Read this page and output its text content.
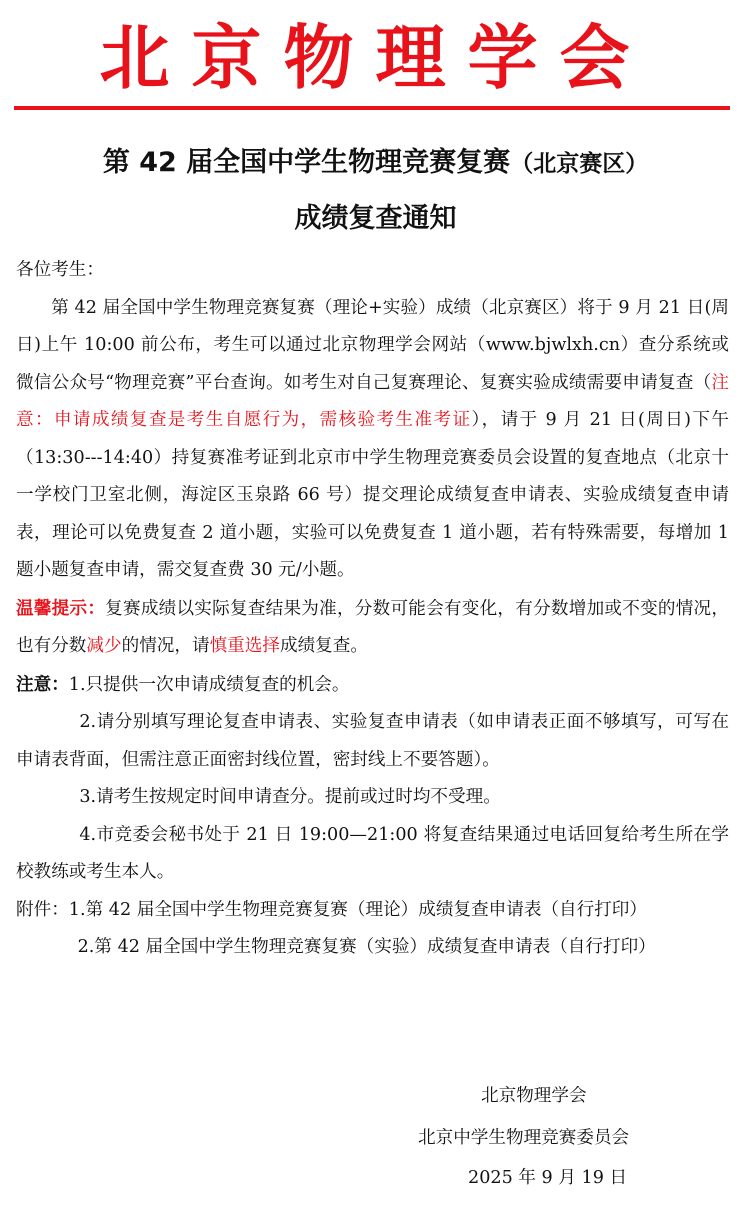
北京物理学会
第 42 届全国中学生物理竞赛复赛（北京赛区）
成绩复查通知

各位考生：

第 42 届全国中学生物理竞赛复赛（理论+实验）成绩（北京赛区）将于 9 月 21 日(周日)上午 10:00 前公布，考生可以通过北京物理学会网站（www.bjwlxh.cn）查分系统或微信公众号“物理竞赛”平台查询。如考生对自己复赛理论、复赛实验成绩需要申请复查（注意：申请成绩复查是考生自愿行为，需核验考生准考证），请于 9 月 21 日(周日)下午（13:30---14:40）持复赛准考证到北京市中学生物理竞赛委员会设置的复查地点（北京十一学校门卫室北侧，海淀区玉泉路 66 号）提交理论成绩复查申请表、实验成绩复查申请表，理论可以免费复查 2 道小题，实验可以免费复查 1 道小题，若有特殊需要，每增加 1 题小题复查申请，需交复查费 30 元/小题。

温馨提示：复赛成绩以实际复查结果为准，分数可能会有变化，有分数增加或不变的情况，也有分数减少的情况，请慎重选择成绩复查。

注意：1.只提供一次申请成绩复查的机会。

2.请分别填写理论复查申请表、实验复查申请表（如申请表正面不够填写，可写在申请表背面，但需注意正面密封线位置，密封线上不要答题）。

3.请考生按规定时间申请查分。提前或过时均不受理。

4.市竞委会秘书处于 21 日 19:00—21:00 将复查结果通过电话回复给考生所在学校教练或考生本人。

附件：1.第 42 届全国中学生物理竞赛复赛（理论）成绩复查申请表（自行打印）

2.第 42 届全国中学生物理竞赛复赛（实验）成绩复查申请表（自行打印）

北京物理学会
北京中学生物理竞赛委员会
2025 年 9 月 19 日
